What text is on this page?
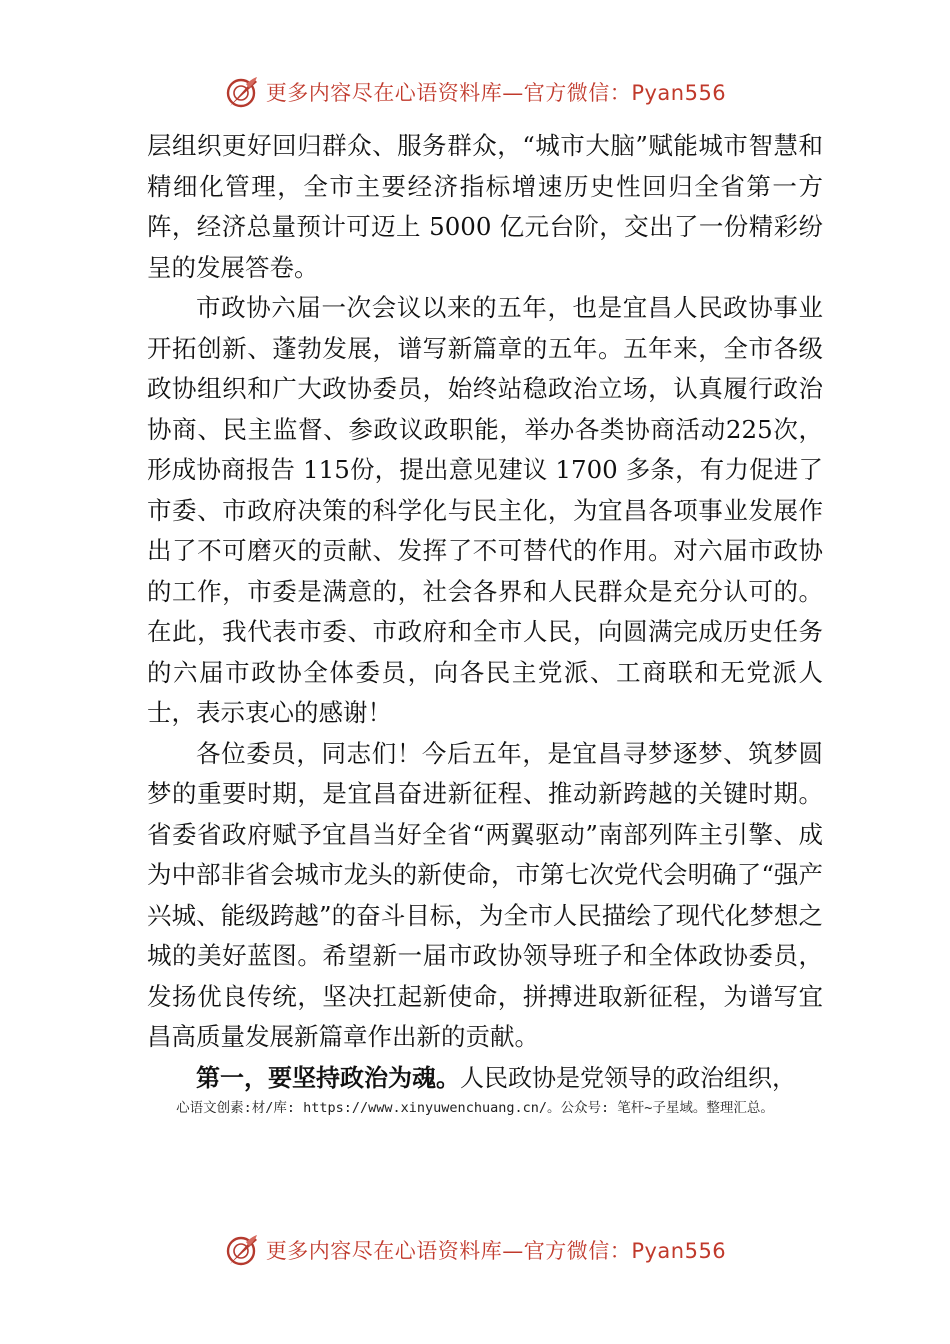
更多内容尽在心语资料库—官方微信：Pyan556

层组织更好回归群众、服务群众，“城市大脑”赋能城市智慧和精细化管理，全市主要经济指标增速历史性回归全省第一方阵，经济总量预计可迈上 5000 亿元台阶，交出了一份精彩纷呈的发展答卷。

市政协六届一次会议以来的五年，也是宜昌人民政协事业开拓创新、蓬勃发展，谱写新篇章的五年。五年来，全市各级政协组织和广大政协委员，始终站稳政治立场，认真履行政治协商、民主监督、参政议政职能，举办各类协商活动225次，形成协商报告 115份，提出意见建议 1700 多条，有力促进了市委、市政府决策的科学化与民主化，为宜昌各项事业发展作出了不可磨灭的贡献、发挥了不可替代的作用。对六届市政协的工作，市委是满意的，社会各界和人民群众是充分认可的。在此，我代表市委、市政府和全市人民，向圆满完成历史任务的六届市政协全体委员，向各民主党派、工商联和无党派人士，表示衷心的感谢！

各位委员，同志们！今后五年，是宜昌寻梦逐梦、筑梦圆梦的重要时期，是宜昌奋进新征程、推动新跨越的关键时期。省委省政府赋予宜昌当好全省“两翼驱动”南部列阵主引擎、成为中部非省会城市龙头的新使命，市第七次党代会明确了“强产兴城、能级跨越”的奋斗目标，为全市人民描绘了现代化梦想之城的美好蓝图。希望新一届市政协领导班子和全体政协委员，发扬优良传统，坚决扛起新使命，拼搏进取新征程，为谱写宜昌高质量发展新篇章作出新的贡献。

第一，要坚持政治为魂。人民政协是党领导的政治组织，

心语文创素:材/库: https://www.xinyuwenchuang.cn/。公众号: 笔杆~子星域。整理汇总。
更多内容尽在心语资料库—官方微信：Pyan556
